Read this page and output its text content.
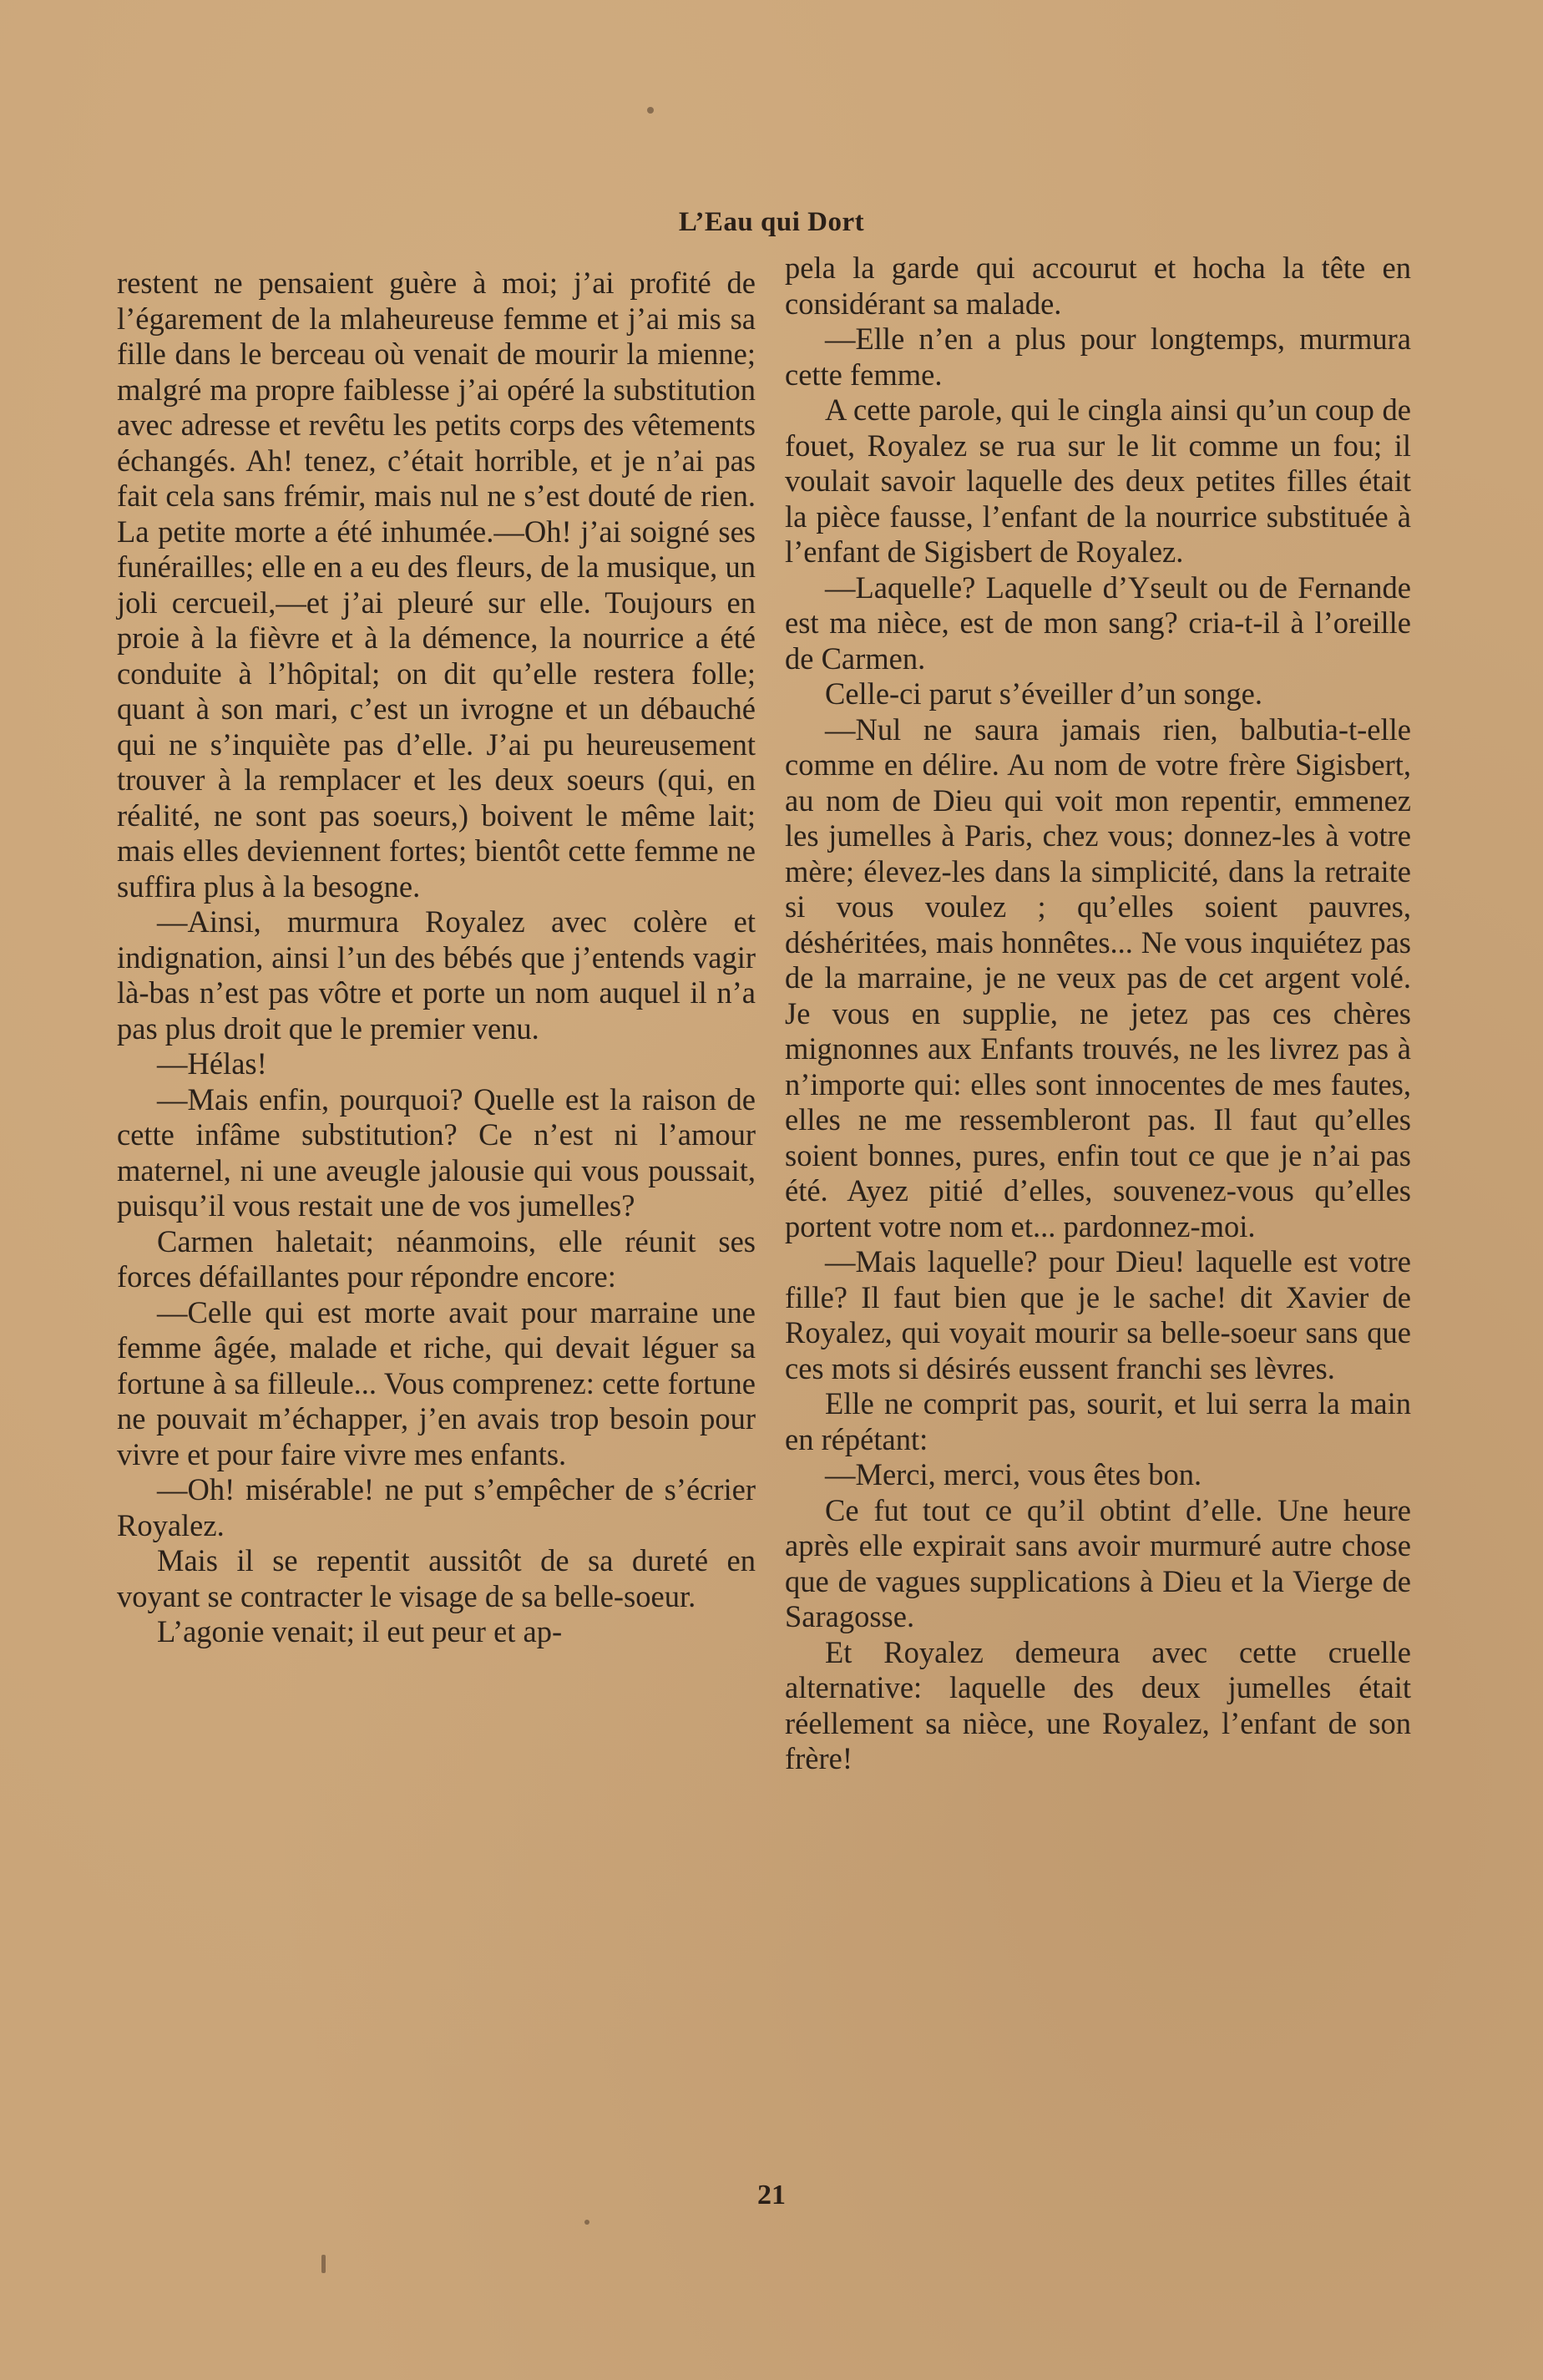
L’Eau qui Dort

restent ne pensaient guère à moi; j’ai profité de l’égarement de la mlaheureuse femme et j’ai mis sa fille dans le berceau où venait de mourir la mienne; malgré ma propre faiblesse j’ai opéré la substitution avec adresse et revêtu les petits corps des vêtements échangés. Ah! tenez, c’était horrible, et je n’ai pas fait cela sans frémir, mais nul ne s’est douté de rien. La petite morte a été inhumée.—Oh! j’ai soigné ses funérailles; elle en a eu des fleurs, de la musique, un joli cercueil,—et j’ai pleuré sur elle. Toujours en proie à la fièvre et à la démence, la nourrice a été conduite à l’hôpital; on dit qu’elle restera folle; quant à son mari, c’est un ivrogne et un débauché qui ne s’inquiète pas d’elle. J’ai pu heureusement trouver à la remplacer et les deux soeurs (qui, en réalité, ne sont pas soeurs,) boivent le même lait; mais elles deviennent fortes; bientôt cette femme ne suffira plus à la besogne.

—Ainsi, murmura Royalez avec colère et indignation, ainsi l’un des bébés que j’entends vagir là-bas n’est pas vôtre et porte un nom auquel il n’a pas plus droit que le premier venu.

—Hélas!

—Mais enfin, pourquoi? Quelle est la raison de cette infâme substitution? Ce n’est ni l’amour maternel, ni une aveugle jalousie qui vous poussait, puisqu’il vous restait une de vos jumelles?

Carmen haletait; néanmoins, elle réunit ses forces défaillantes pour répondre encore:

—Celle qui est morte avait pour marraine une femme âgée, malade et riche, qui devait léguer sa fortune à sa filleule... Vous comprenez: cette fortune ne pouvait m’échapper, j’en avais trop besoin pour vivre et pour faire vivre mes enfants.

—Oh! misérable! ne put s’empêcher de s’écrier Royalez.

Mais il se repentit aussitôt de sa dureté en voyant se contracter le visage de sa belle-soeur.

L’agonie venait; il eut peur et ap-

pela la garde qui accourut et hocha la tête en considérant sa malade.

—Elle n’en a plus pour longtemps, murmura cette femme.

A cette parole, qui le cingla ainsi qu’un coup de fouet, Royalez se rua sur le lit comme un fou; il voulait savoir laquelle des deux petites filles était la pièce fausse, l’enfant de la nourrice substituée à l’enfant de Sigisbert de Royalez.

—Laquelle? Laquelle d’Yseult ou de Fernande est ma nièce, est de mon sang? cria-t-il à l’oreille de Carmen.

Celle-ci parut s’éveiller d’un songe.

—Nul ne saura jamais rien, balbutia-t-elle comme en délire. Au nom de votre frère Sigisbert, au nom de Dieu qui voit mon repentir, emmenez les jumelles à Paris, chez vous; donnez-les à votre mère; élevez-les dans la simplicité, dans la retraite si vous voulez ; qu’elles soient pauvres, déshéritées, mais honnêtes... Ne vous inquiétez pas de la marraine, je ne veux pas de cet argent volé. Je vous en supplie, ne jetez pas ces chères mignonnes aux Enfants trouvés, ne les livrez pas à n’importe qui: elles sont innocentes de mes fautes, elles ne me ressembleront pas. Il faut qu’elles soient bonnes, pures, enfin tout ce que je n’ai pas été. Ayez pitié d’elles, souvenez-vous qu’elles portent votre nom et... pardonnez-moi.

—Mais laquelle? pour Dieu! laquelle est votre fille? Il faut bien que je le sache! dit Xavier de Royalez, qui voyait mourir sa belle-soeur sans que ces mots si désirés eussent franchi ses lèvres.

Elle ne comprit pas, sourit, et lui serra la main en répétant:

—Merci, merci, vous êtes bon.

Ce fut tout ce qu’il obtint d’elle. Une heure après elle expirait sans avoir murmuré autre chose que de vagues supplications à Dieu et la Vierge de Saragosse.

Et Royalez demeura avec cette cruelle alternative: laquelle des deux jumelles était réellement sa nièce, une Royalez, l’enfant de son frère!

21
